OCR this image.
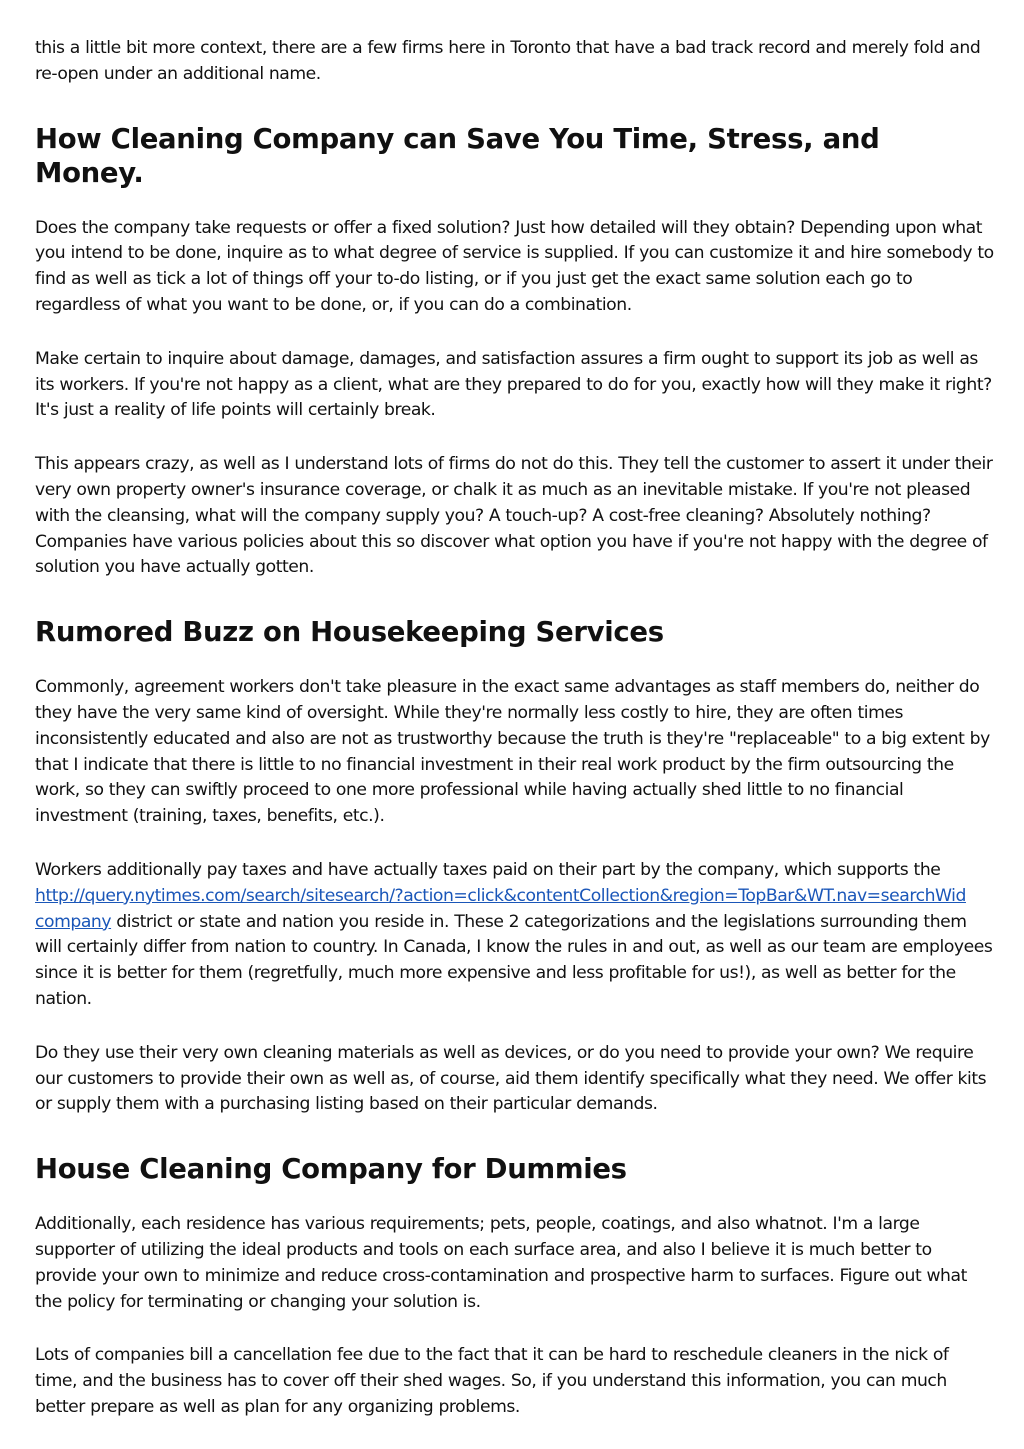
this a little bit more context, there are a few firms here in Toronto that have a bad track record and merely fold and re-open under an additional name.

How Cleaning Company can Save You Time, Stress, and Money.

Does the company take requests or offer a fixed solution? Just how detailed will they obtain? Depending upon what you intend to be done, inquire as to what degree of service is supplied. If you can customize it and hire somebody to find as well as tick a lot of things off your to-do listing, or if you just get the exact same solution each go to regardless of what you want to be done, or, if you can do a combination.

Make certain to inquire about damage, damages, and satisfaction assures a firm ought to support its job as well as its workers. If you're not happy as a client, what are they prepared to do for you, exactly how will they make it right? It's just a reality of life points will certainly break.

This appears crazy, as well as I understand lots of firms do not do this. They tell the customer to assert it under their very own property owner's insurance coverage, or chalk it as much as an inevitable mistake. If you're not pleased with the cleansing, what will the company supply you? A touch-up? A cost-free cleaning? Absolutely nothing? Companies have various policies about this so discover what option you have if you're not happy with the degree of solution you have actually gotten.

Rumored Buzz on Housekeeping Services

Commonly, agreement workers don't take pleasure in the exact same advantages as staff members do, neither do they have the very same kind of oversight. While they're normally less costly to hire, they are often times inconsistently educated and also are not as trustworthy because the truth is they're "replaceable" to a big extent by that I indicate that there is little to no financial investment in their real work product by the firm outsourcing the work, so they can swiftly proceed to one more professional while having actually shed little to no financial investment (training, taxes, benefits, etc.).

Workers additionally pay taxes and have actually taxes paid on their part by the company, which supports the
http://query.nytimes.com/search/sitesearch/?action=click&contentCollection&region=TopBar&WT.nav=searchWid
company district or state and nation you reside in. These 2 categorizations and the legislations surrounding them will certainly differ from nation to country. In Canada, I know the rules in and out, as well as our team are employees since it is better for them (regretfully, much more expensive and less profitable for us!), as well as better for the nation.

Do they use their very own cleaning materials as well as devices, or do you need to provide your own? We require our customers to provide their own as well as, of course, aid them identify specifically what they need. We offer kits or supply them with a purchasing listing based on their particular demands.

House Cleaning Company for Dummies

Additionally, each residence has various requirements; pets, people, coatings, and also whatnot. I'm a large supporter of utilizing the ideal products and tools on each surface area, and also I believe it is much better to provide your own to minimize and reduce cross-contamination and prospective harm to surfaces. Figure out what the policy for terminating or changing your solution is.

Lots of companies bill a cancellation fee due to the fact that it can be hard to reschedule cleaners in the nick of time, and the business has to cover off their shed wages. So, if you understand this information, you can much better prepare as well as plan for any organizing problems.
